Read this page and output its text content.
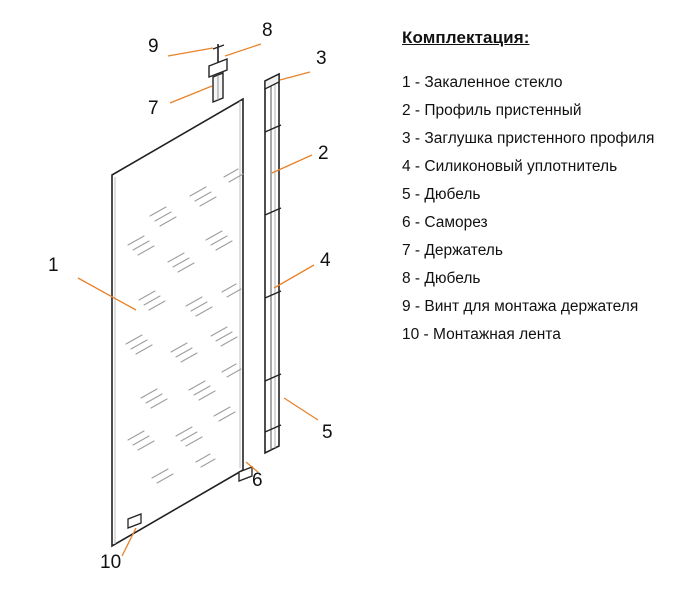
1
2
3
4
5
6
7
8
9
10
Комплектация:
1 - Закаленное стекло
2 - Профиль пристенный
3 - Заглушка пристенного профиля
4 - Силиконовый уплотнитель
5 - Дюбель
6 - Саморез
7 - Держатель
8 - Дюбель
9 - Винт для монтажа держателя
10 - Монтажная лента
